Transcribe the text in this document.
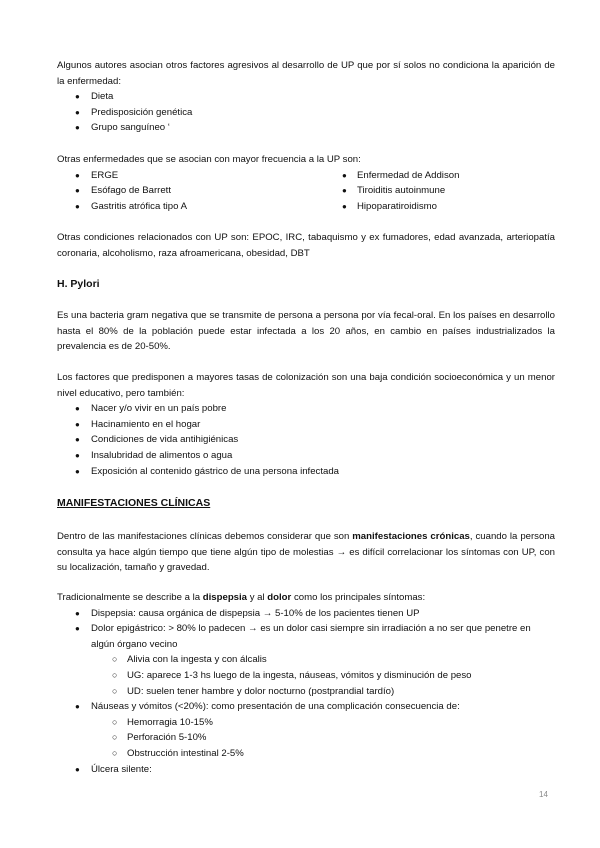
Algunos autores asocian otros factores agresivos al desarrollo de UP que por sí solos no condiciona la aparición de la enfermedad:

● Dieta
● Predisposición genética
● Grupo sanguíneo ‘

Otras enfermedades que se asocian con mayor frecuencia a la UP son:

● ERGE
● Esófago de Barrett
● Gastritis atrófica tipo A
● Enfermedad de Addison
● Tiroiditis autoinmune
● Hipoparatiroidismo

Otras condiciones relacionados con UP son: EPOC, IRC, tabaquismo y ex fumadores, edad avanzada, arteriopatía coronaria, alcoholismo, raza afroamericana, obesidad, DBT

H. Pylori

Es una bacteria gram negativa que se transmite de persona a persona por vía fecal-oral. En los países en desarrollo hasta el 80% de la población puede estar infectada a los 20 años, en cambio en países industrializados la prevalencia es de 20-50%.

Los factores que predisponen a mayores tasas de colonización son una baja condición socioeconómica y un menor nivel educativo, pero también:

● Nacer y/o vivir en un país pobre
● Hacinamiento en el hogar
● Condiciones de vida antihigiénicas
● Insalubridad de alimentos o agua
● Exposición al contenido gástrico de una persona infectada
MANIFESTACIONES CLÍNICAS

Dentro de las manifestaciones clínicas debemos considerar que son manifestaciones crónicas, cuando la persona consulta ya hace algún tiempo que tiene algún tipo de molestias → es difícil correlacionar los síntomas con UP, con su localización, tamaño y gravedad.

Tradicionalmente se describe a la dispepsia y al dolor como los principales síntomas:

● Dispepsia: causa orgánica de dispepsia → 5-10% de los pacientes tienen UP
● Dolor epigástrico: > 80% lo padecen → es un dolor casi siempre sin irradiación a no ser que penetre en algún órgano vecino
○ Alivia con la ingesta y con álcalis
○ UG: aparece 1-3 hs luego de la ingesta, náuseas, vómitos y disminución de peso
○ UD: suelen tener hambre y dolor nocturno (postprandial tardío)
● Náuseas y vómitos (<20%): como presentación de una complicación consecuencia de:
○ Hemorragia 10-15%
○ Perforación 5-10%
○ Obstrucción intestinal 2-5%
● Úlcera silente:
14
